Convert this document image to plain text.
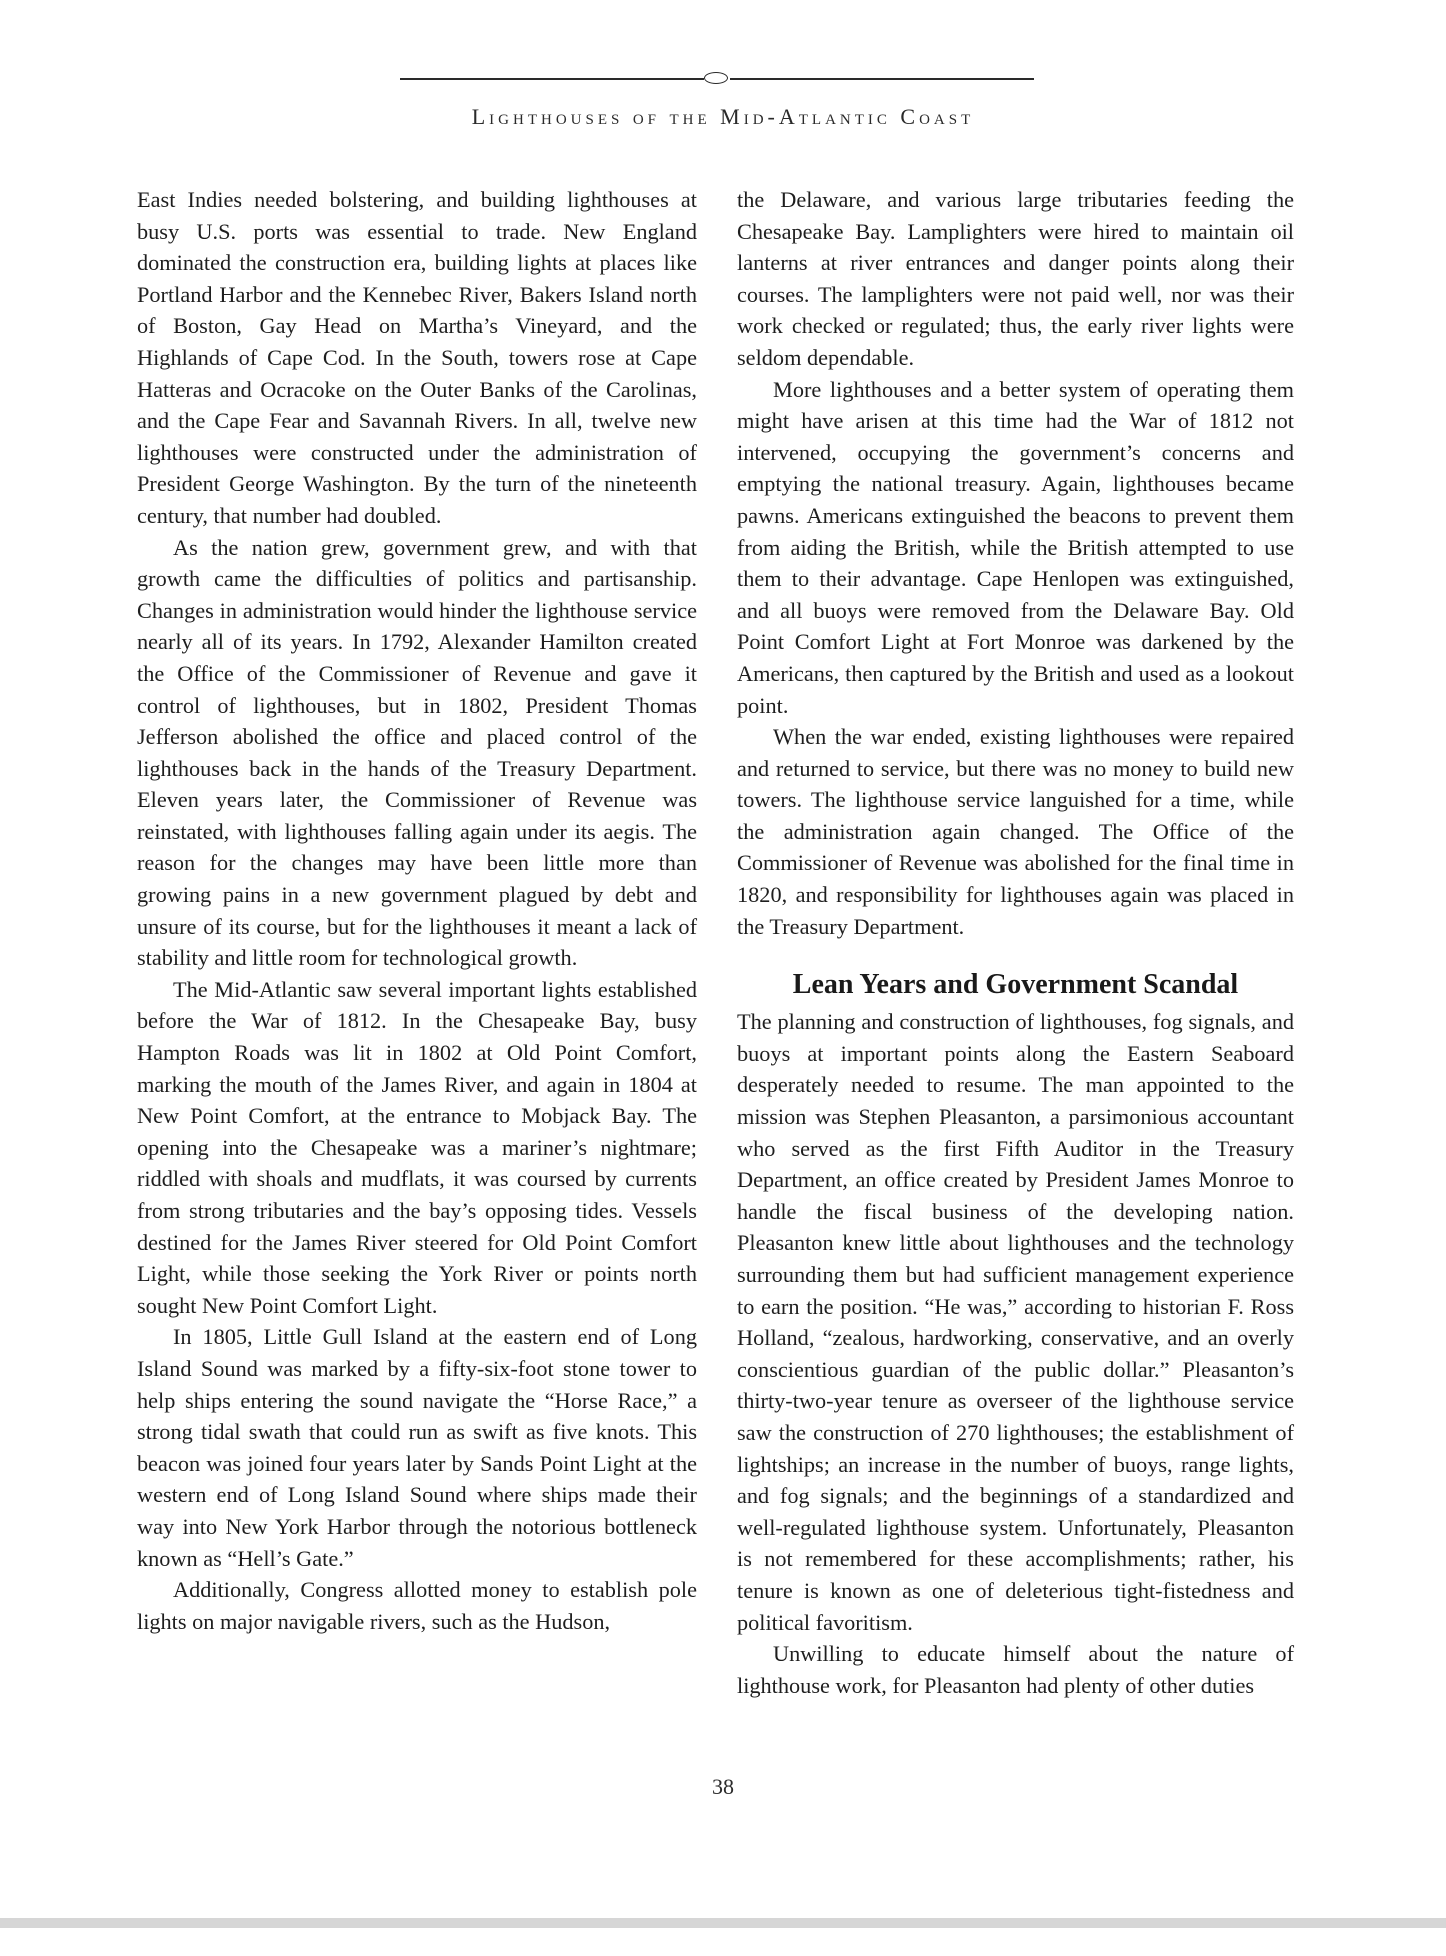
Lighthouses of the Mid-Atlantic Coast

East Indies needed bolstering, and building lighthouses at busy U.S. ports was essential to trade. New England dominated the construction era, building lights at places like Portland Harbor and the Kennebec River, Bakers Island north of Boston, Gay Head on Martha’s Vineyard, and the Highlands of Cape Cod. In the South, towers rose at Cape Hatteras and Ocracoke on the Outer Banks of the Carolinas, and the Cape Fear and Savannah Rivers. In all, twelve new lighthouses were constructed under the administration of President George Washington. By the turn of the nineteenth century, that number had doubled.

As the nation grew, government grew, and with that growth came the difficulties of politics and partisanship. Changes in administration would hinder the lighthouse service nearly all of its years. In 1792, Alexander Hamilton created the Office of the Commissioner of Revenue and gave it control of lighthouses, but in 1802, President Thomas Jefferson abolished the office and placed control of the lighthouses back in the hands of the Treasury Department. Eleven years later, the Commissioner of Revenue was reinstated, with lighthouses falling again under its aegis. The reason for the changes may have been little more than growing pains in a new government plagued by debt and unsure of its course, but for the lighthouses it meant a lack of stability and little room for technological growth.

The Mid-Atlantic saw several important lights established before the War of 1812. In the Chesapeake Bay, busy Hampton Roads was lit in 1802 at Old Point Comfort, marking the mouth of the James River, and again in 1804 at New Point Comfort, at the entrance to Mobjack Bay. The opening into the Chesapeake was a mariner’s nightmare; riddled with shoals and mudflats, it was coursed by currents from strong tributaries and the bay’s opposing tides. Vessels destined for the James River steered for Old Point Comfort Light, while those seeking the York River or points north sought New Point Comfort Light.

In 1805, Little Gull Island at the eastern end of Long Island Sound was marked by a fifty-six-foot stone tower to help ships entering the sound navigate the “Horse Race,” a strong tidal swath that could run as swift as five knots. This beacon was joined four years later by Sands Point Light at the western end of Long Island Sound where ships made their way into New York Harbor through the notorious bottleneck known as “Hell’s Gate.”

Additionally, Congress allotted money to establish pole lights on major navigable rivers, such as the Hudson,

the Delaware, and various large tributaries feeding the Chesapeake Bay. Lamplighters were hired to maintain oil lanterns at river entrances and danger points along their courses. The lamplighters were not paid well, nor was their work checked or regulated; thus, the early river lights were seldom dependable.

More lighthouses and a better system of operating them might have arisen at this time had the War of 1812 not intervened, occupying the government’s concerns and emptying the national treasury. Again, lighthouses became pawns. Americans extinguished the beacons to prevent them from aiding the British, while the British attempted to use them to their advantage. Cape Henlopen was extinguished, and all buoys were removed from the Delaware Bay. Old Point Comfort Light at Fort Monroe was darkened by the Americans, then captured by the British and used as a lookout point.

When the war ended, existing lighthouses were repaired and returned to service, but there was no money to build new towers. The lighthouse service languished for a time, while the administration again changed. The Office of the Commissioner of Revenue was abolished for the final time in 1820, and responsibility for lighthouses again was placed in the Treasury Department.

Lean Years and Government Scandal

The planning and construction of lighthouses, fog signals, and buoys at important points along the Eastern Seaboard desperately needed to resume. The man appointed to the mission was Stephen Pleasanton, a parsimonious accountant who served as the first Fifth Auditor in the Treasury Department, an office created by President James Monroe to handle the fiscal business of the developing nation. Pleasanton knew little about lighthouses and the technology surrounding them but had sufficient management experience to earn the position. “He was,” according to historian F. Ross Holland, “zealous, hardworking, conservative, and an overly conscientious guardian of the public dollar.” Pleasanton’s thirty-two-year tenure as overseer of the lighthouse service saw the construction of 270 lighthouses; the establishment of lightships; an increase in the number of buoys, range lights, and fog signals; and the beginnings of a standardized and well-regulated lighthouse system. Unfortunately, Pleasanton is not remembered for these accomplishments; rather, his tenure is known as one of deleterious tight-fistedness and political favoritism.

Unwilling to educate himself about the nature of lighthouse work, for Pleasanton had plenty of other duties

38
